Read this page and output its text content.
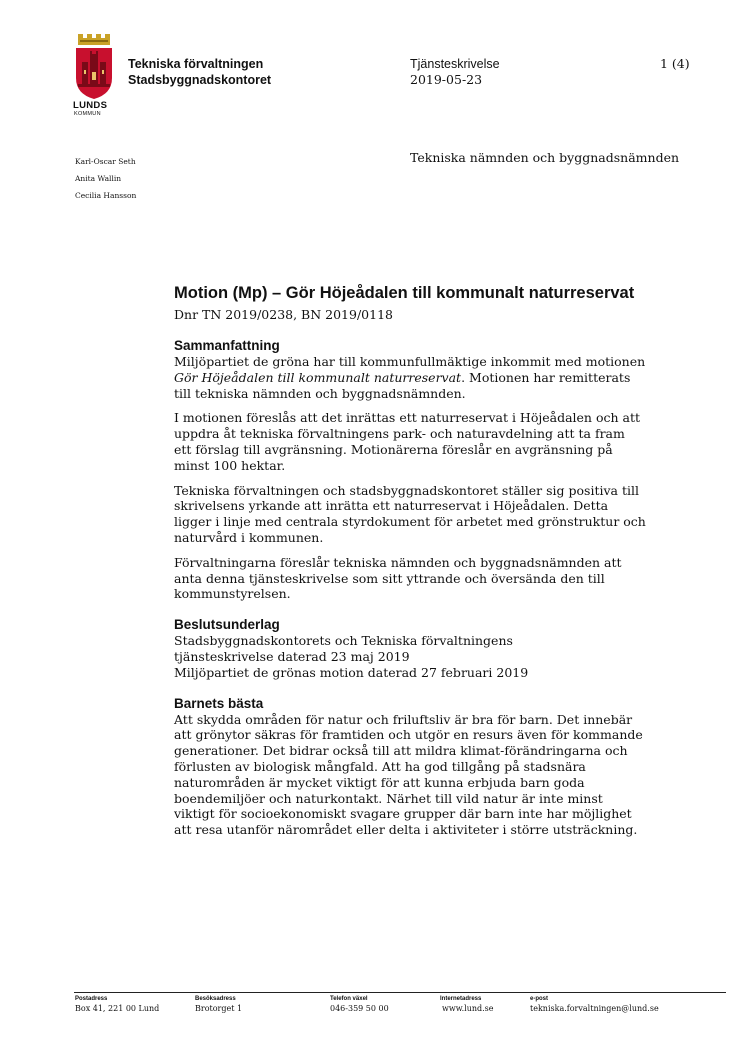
LUNDS
KOMMUN
Tekniska förvaltningen
Stadsbyggnadskontoret
Tjänsteskrivelse
2019-05-23
1 (4)
Karl-Oscar Seth
Anita Wallin
Cecilia Hansson
Tekniska nämnden och byggnadsnämnden
Motion (Mp) – Gör Höjeådalen till kommunalt naturreservat
Dnr TN 2019/0238, BN 2019/0118
Sammanfattning

Miljöpartiet de gröna har till kommunfullmäktige inkommit med motionen Gör Höjeådalen till kommunalt naturreservat. Motionen har remitterats till tekniska nämnden och byggnadsnämnden.

I motionen föreslås att det inrättas ett naturreservat i Höjeådalen och att uppdra åt tekniska förvaltningens park- och naturavdelning att ta fram ett förslag till avgränsning. Motionärerna föreslår en avgränsning på minst 100 hektar.

Tekniska förvaltningen och stadsbyggnadskontoret ställer sig positiva till skrivelsens yrkande att inrätta ett naturreservat i Höjeådalen. Detta ligger i linje med centrala styrdokument för arbetet med grönstruktur och naturvård i kommunen.

Förvaltningarna föreslår tekniska nämnden och byggnadsnämnden att anta denna tjänsteskrivelse som sitt yttrande och översända den till kommunstyrelsen.

Beslutsunderlag
Stadsbyggnadskontorets och Tekniska förvaltningens
tjänsteskrivelse daterad 23 maj 2019
Miljöpartiet de grönas motion daterad 27 februari 2019
Barnets bästa

Att skydda områden för natur och friluftsliv är bra för barn. Det innebär att grönytor säkras för framtiden och utgör en resurs även för kommande generationer. Det bidrar också till att mildra klimat-förändringarna och förlusten av biologisk mångfald. Att ha god tillgång på stadsnära naturområden är mycket viktigt för att kunna erbjuda barn goda boendemiljöer och naturkontakt. Närhet till vild natur är inte minst viktigt för socioekonomiskt svagare grupper där barn inte har möjlighet att resa utanför närområdet eller delta i aktiviteter i större utsträckning.

Postadress
Box 41, 221 00 Lund
Besöksadress
Brotorget 1
Telefon växel
046-359 50 00
Internetadress
www.lund.se
e-post
tekniska.forvaltningen@lund.se
